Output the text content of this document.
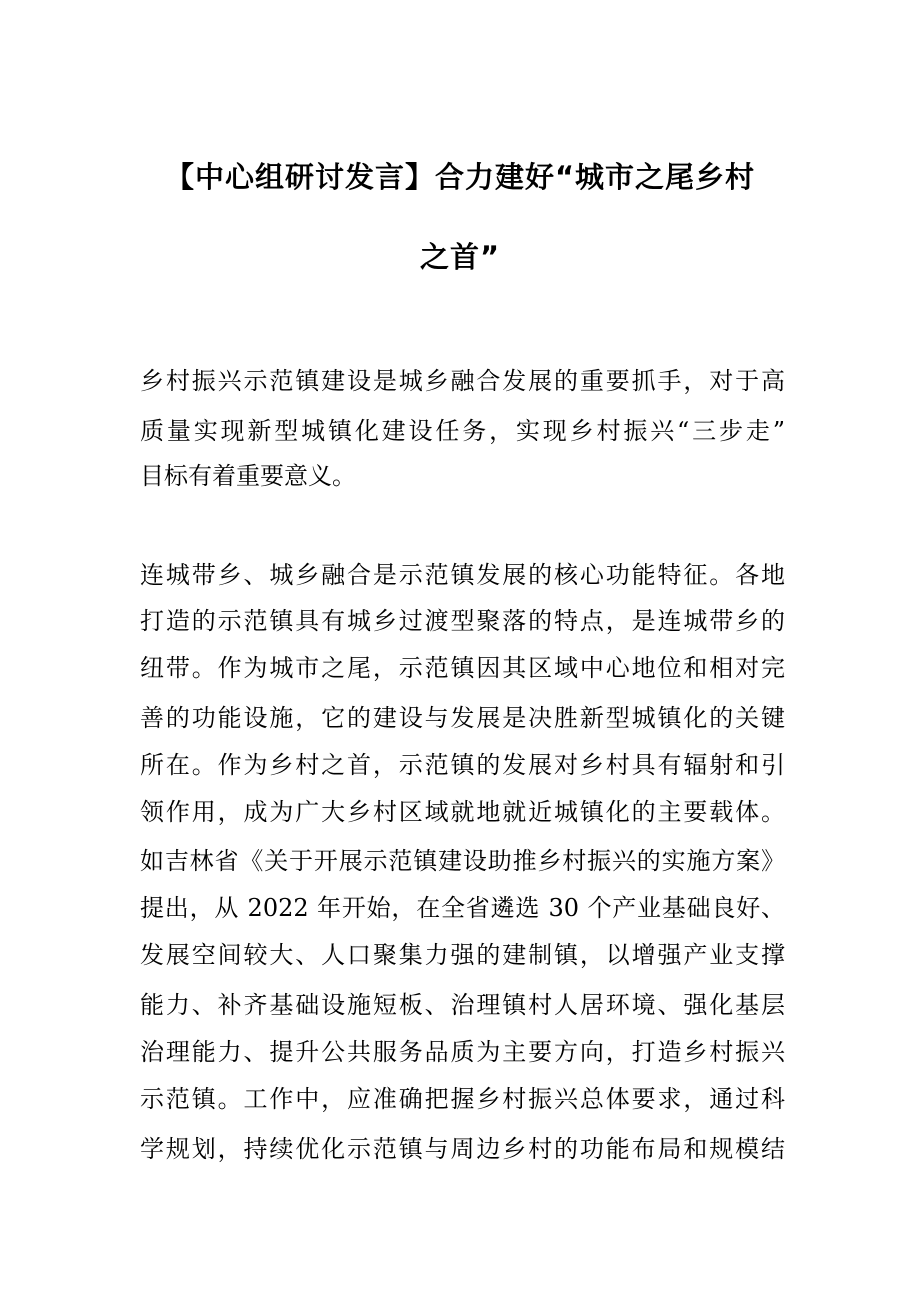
【中心组研讨发言】合力建好“城市之尾乡村
之首”

乡村振兴示范镇建设是城乡融合发展的重要抓手，对于高

质量实现新型城镇化建设任务，实现乡村振兴“三步走”

目标有着重要意义。

连城带乡、城乡融合是示范镇发展的核心功能特征。各地

打造的示范镇具有城乡过渡型聚落的特点，是连城带乡的

纽带。作为城市之尾，示范镇因其区域中心地位和相对完

善的功能设施，它的建设与发展是决胜新型城镇化的关键

所在。作为乡村之首，示范镇的发展对乡村具有辐射和引

领作用，成为广大乡村区域就地就近城镇化的主要载体。

如吉林省《关于开展示范镇建设助推乡村振兴的实施方案》

提出，从 2022 年开始，在全省遴选 30 个产业基础良好、

发展空间较大、人口聚集力强的建制镇，以增强产业支撑

能力、补齐基础设施短板、治理镇村人居环境、强化基层

治理能力、提升公共服务品质为主要方向，打造乡村振兴

示范镇。工作中，应准确把握乡村振兴总体要求，通过科

学规划，持续优化示范镇与周边乡村的功能布局和规模结
